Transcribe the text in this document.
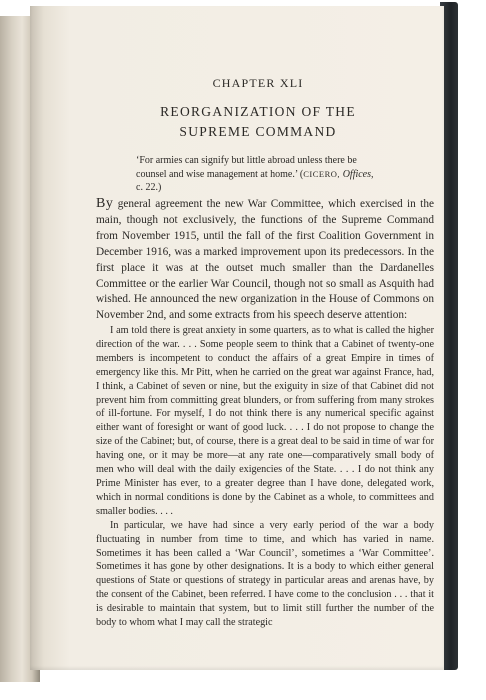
CHAPTER XLI
REORGANIZATION OF THE
SUPREME COMMAND
‘For armies can signify but little abroad unless there be
counsel and wise management at home.’ (CICERO, Offices,
c. 22.)

By general agreement the new War Committee, which exercised in the main, though not exclusively, the functions of the Supreme Command from November 1915, until the fall of the first Coalition Government in December 1916, was a marked improvement upon its predecessors. In the first place it was at the outset much smaller than the Dardanelles Committee or the earlier War Council, though not so small as Asquith had wished. He announced the new organization in the House of Commons on November 2nd, and some extracts from his speech deserve attention:

I am told there is great anxiety in some quarters, as to what is called the higher direction of the war. . . . Some people seem to think that a Cabinet of twenty-one members is incompetent to conduct the affairs of a great Empire in times of emergency like this. Mr Pitt, when he carried on the great war against France, had, I think, a Cabinet of seven or nine, but the exiguity in size of that Cabinet did not prevent him from committing great blunders, or from suffering from many strokes of ill-fortune. For myself, I do not think there is any numerical specific against either want of foresight or want of good luck. . . . I do not propose to change the size of the Cabinet; but, of course, there is a great deal to be said in time of war for having one, or it may be more—at any rate one—comparatively small body of men who will deal with the daily exigencies of the State. . . . I do not think any Prime Minister has ever, to a greater degree than I have done, delegated work, which in normal conditions is done by the Cabinet as a whole, to committees and smaller bodies. . . .

In particular, we have had since a very early period of the war a body fluctuating in number from time to time, and which has varied in name. Sometimes it has been called a ‘War Council’, sometimes a ‘War Committee’. Sometimes it has gone by other designations. It is a body to which either general questions of State or questions of strategy in particular areas and arenas have, by the consent of the Cabinet, been referred. I have come to the conclusion . . . that it is desirable to maintain that system, but to limit still further the number of the body to whom what I may call the strategic
